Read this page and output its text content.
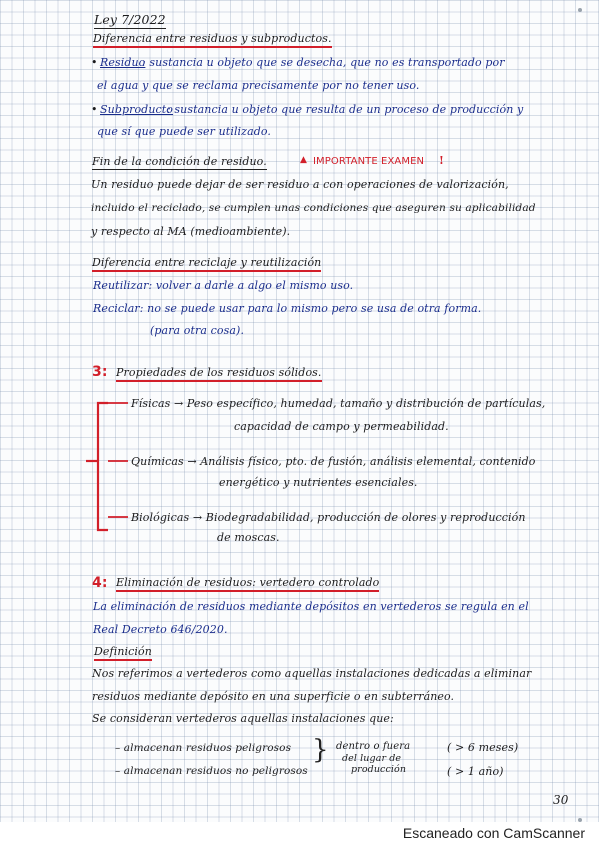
Ley 7/2022
Diferencia entre residuos y subproductos.
• Residuo
: sustancia u objeto que se desecha, que no es transportado por
el agua y que se reclama precisamente por no tener uso.
• Subproducto
: sustancia u objeto que resulta de un proceso de producción y
que sí que puede ser utilizado.
Fin de la condición de residuo.	▲ IMPORTANTE EXAMEN !
Un residuo puede dejar de ser residuo a con operaciones de valorización,
incluido el reciclado, se cumplen unas condiciones que aseguren su aplicabilidad
y respecto al MA (medioambiente).
Diferencia entre reciclaje y reutilización
Reutilizar: volver a darle a algo el mismo uso.
Reciclar: no se puede usar para lo mismo pero se usa de otra forma.
(para otra cosa).
3: Propiedades de los residuos sólidos.
Físicas → Peso específico, humedad, tamaño y distribución de partículas,
capacidad de campo y permeabilidad.
Químicas → Análisis físico, pto. de fusión, análisis elemental, contenido
energético y nutrientes esenciales.
Biológicas → Biodegradabilidad, producción de olores y reproducción
de moscas.
4: Eliminación de residuos: vertedero controlado
La eliminación de residuos mediante depósitos en vertederos se regula en el
Real Decreto 646/2020.
Definición
Nos referimos a vertederos como aquellas instalaciones dedicadas a eliminar
residuos mediante depósito en una superficie o en subterráneo.
Se consideran vertederos aquellas instalaciones que:
– almacenan residuos peligrosos
– almacenan residuos no peligrosos
} dentro o fuera
del lugar de
producción
( > 6 meses)
( > 1 año)
30
Escaneado con CamScanner
